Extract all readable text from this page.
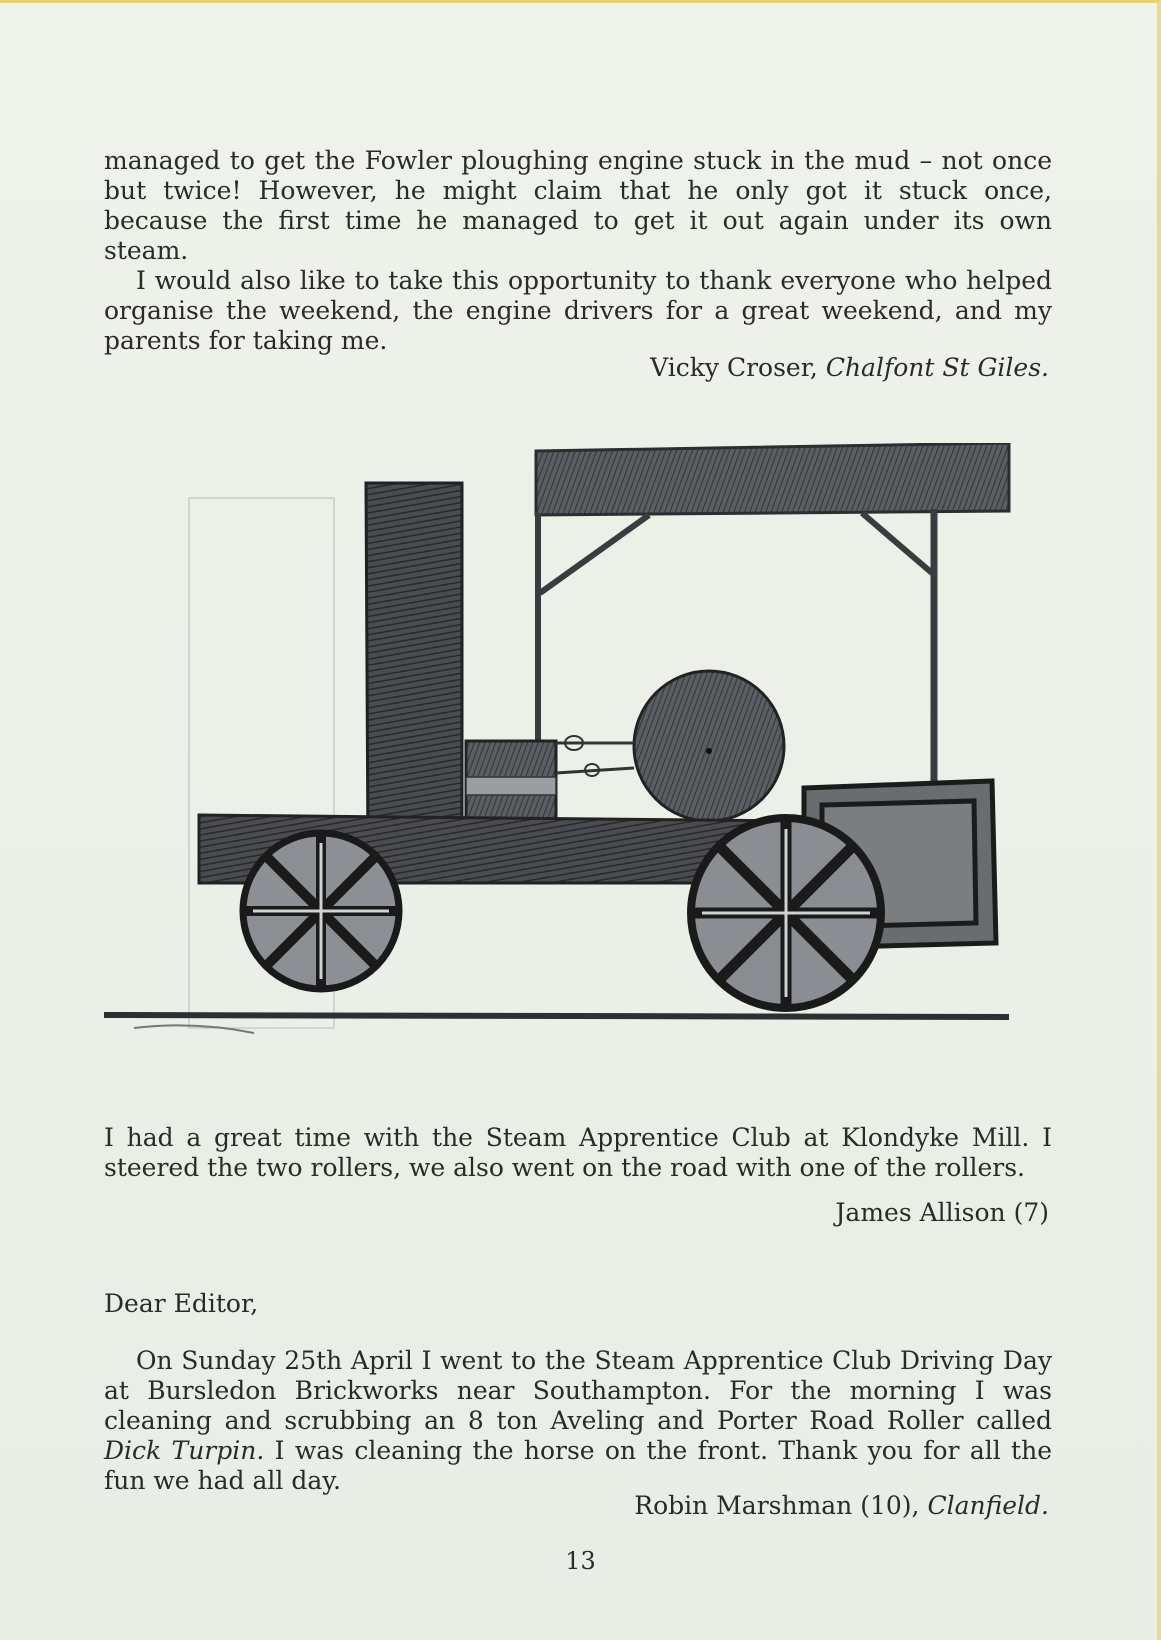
managed to get the Fowler ploughing engine stuck in the mud – not once but twice! However, he might claim that he only got it stuck once, because the first time he managed to get it out again under its own steam.

I would also like to take this opportunity to thank everyone who helped organise the weekend, the engine drivers for a great weekend, and my parents for taking me.

Vicky Croser, Chalfont St Giles.

I had a great time with the Steam Apprentice Club at Klondyke Mill. I steered the two rollers, we also went on the road with one of the rollers.

James Allison (7)

Dear Editor,

On Sunday 25th April I went to the Steam Apprentice Club Driving Day at Bursledon Brickworks near Southampton. For the morning I was cleaning and scrubbing an 8 ton Aveling and Porter Road Roller called Dick Turpin. I was cleaning the horse on the front. Thank you for all the fun we had all day.

Robin Marshman (10), Clanfield.
13
